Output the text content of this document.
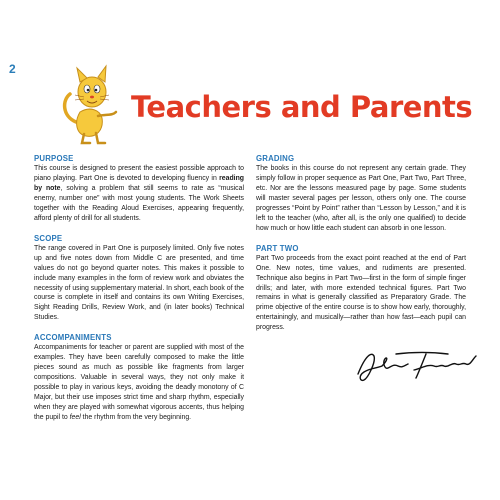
2
Teachers and Parents
PURPOSE

This course is designed to present the easiest possible approach to piano playing. Part One is devoted to developing fluency in reading by note, solving a problem that still seems to rate as “musical enemy, number one” with most young students. The Work Sheets together with the Reading Aloud Exercises, appearing frequently, afford plenty of drill for all students.

SCOPE

The range covered in Part One is purposely limited. Only five notes up and five notes down from Middle C are presented, and time values do not go beyond quarter notes. This makes it possible to include many examples in the form of review work and obviates the necessity of using supplementary material. In short, each book of the course is complete in itself and contains its own Writing Exercises, Sight Reading Drills, Review Work, and (in later books) Technical Studies.

ACCOMPANIMENTS

Accompaniments for teacher or parent are supplied with most of the examples. They have been carefully composed to make the little pieces sound as much as possible like fragments from larger compositions. Valuable in several ways, they not only make it possible to play in various keys, avoiding the deadly monotony of C Major, but their use imposes strict time and sharp rhythm, especially when they are played with somewhat vigorous accents, thus helping the pupil to feel the rhythm from the very beginning.

GRADING

The books in this course do not represent any certain grade. They simply follow in proper sequence as Part One, Part Two, Part Three, etc. Nor are the lessons measured page by page. Some students will master several pages per lesson, others only one. The course progresses “Point by Point” rather than “Lesson by Lesson,” and it is left to the teacher (who, after all, is the only one qualified) to decide how much or how little each student can absorb in one lesson.

PART TWO

Part Two proceeds from the exact point reached at the end of Part One. New notes, time values, and rudiments are presented. Technique also begins in Part Two—first in the form of simple finger drills; and later, with more extended technical figures. Part Two remains in what is generally classified as Preparatory Grade. The prime objective of the entire course is to show how early, thoroughly, entertainingly, and musically—rather than how fast—each pupil can progress.
